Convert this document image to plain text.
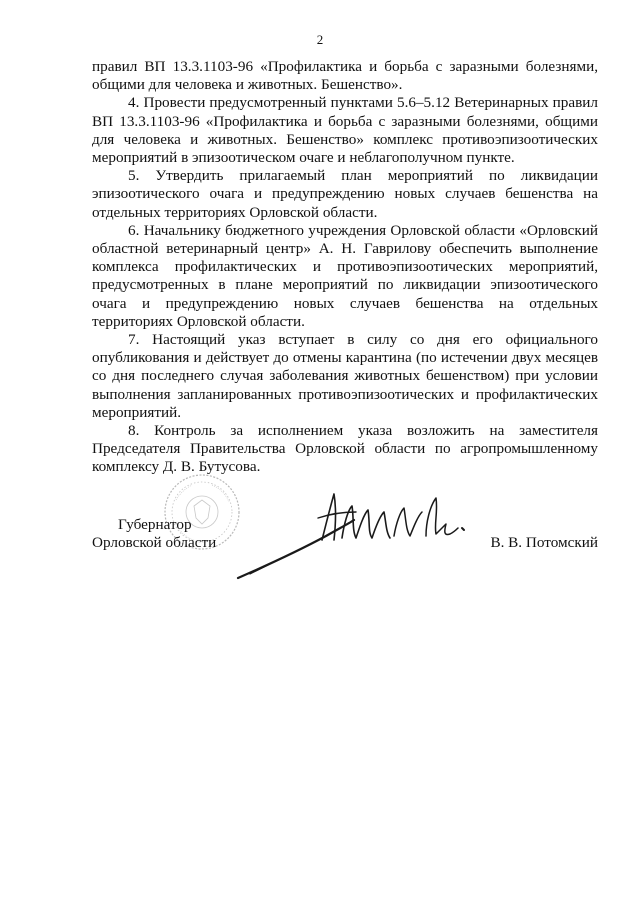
2

правил ВП 13.3.1103-96 «Профилактика и борьба с заразными болезнями, общими для человека и животных. Бешенство».

4. Провести предусмотренный пунктами 5.6–5.12 Ветеринарных правил ВП 13.3.1103-96 «Профилактика и борьба с заразными болезнями, общими для человека и животных. Бешенство» комплекс противоэпизоотических мероприятий в эпизоотическом очаге и неблагополучном пункте.

5. Утвердить прилагаемый план мероприятий по ликвидации эпизоотического очага и предупреждению новых случаев бешенства на отдельных территориях Орловской области.

6. Начальнику бюджетного учреждения Орловской области «Орловский областной ветеринарный центр» А. Н. Гаврилову обеспечить выполнение комплекса профилактических и противоэпизоотических мероприятий, предусмотренных в плане мероприятий по ликвидации эпизоотического очага и предупреждению новых случаев бешенства на отдельных территориях Орловской области.

7. Настоящий указ вступает в силу со дня его официального опубликования и действует до отмены карантина (по истечении двух месяцев со дня последнего случая заболевания животных бешенством) при условии выполнения запланированных противоэпизоотических и профилактических мероприятий.

8. Контроль за исполнением указа возложить на заместителя Председателя Правительства Орловской области по агропромышленному комплексу Д. В. Бутусова.

Губернатор
Орловской области	В. В. Потомский
